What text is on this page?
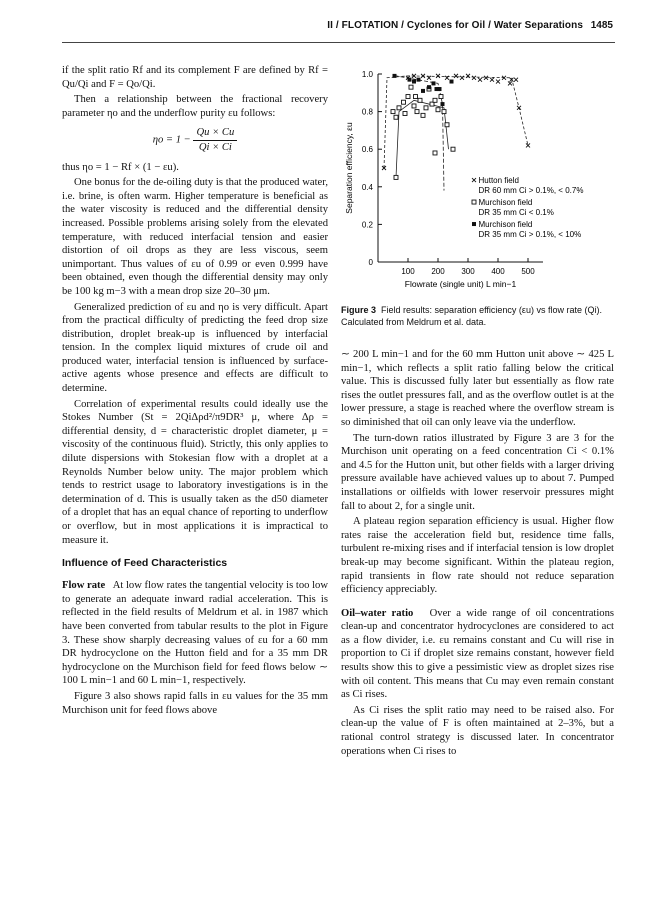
II / FLOTATION / Cyclones for Oil / Water Separations 1485

if the split ratio Rf and its complement F are defined by Rf = Qu/Qi and F = Qo/Qi.

Then a relationship between the fractional recovery parameter ηo and the underflow purity εu follows:

$\eta o = 1 - \frac{Qu \times Cu}{Qi \times Ci}$

thus ηo = 1 − Rf × (1 − εu).

One bonus for the de-oiling duty is that the produced water, i.e. brine, is often warm. Higher temperature is beneficial as the water viscosity is reduced and the differential density increased. Possible problems arising solely from the elevated temperature, with reduced interfacial tension and easier distortion of oil drops as they are less viscous, seem unimportant. Thus values of εu of 0.99 or even 0.999 have been obtained, even though the differential density may only be 100 kg m−3 with a mean drop size 20–30 μm.

Generalized prediction of εu and ηo is very difficult. Apart from the practical difficulty of predicting the feed drop size distribution, droplet break-up is influenced by interfacial tension. In the complex liquid mixtures of crude oil and produced water, interfacial tension is influenced by surface-active agents whose presence and effects are difficult to determine.

Correlation of experimental results could ideally use the Stokes Number (St = 2QiΔρd²/π9DR³ μ, where Δρ = differential density, d = characteristic droplet diameter, μ = viscosity of the continuous fluid). Strictly, this only applies to dilute dispersions with Stokesian flow with a droplet at a Reynolds Number below unity. The major problem which tends to restrict usage to laboratory investigations is in the determination of d. This is usually taken as the d50 diameter of a droplet that has an equal chance of reporting to underflow or overflow, but in most applications it is impractical to measure it.

Influence of Feed Characteristics

Flow rate At low flow rates the tangential velocity is too low to generate an adequate inward radial acceleration. This is reflected in the field results of Meldrum et al. in 1987 which have been converted from tabular results to the plot in Figure 3. These show sharply decreasing values of εu for a 60 mm DR hydrocyclone on the Hutton field and for a 35 mm DR hydrocyclone on the Murchison field for feed flows below ∼ 100 L min−1 and 60 L min−1, respectively.

Figure 3 also shows rapid falls in εu values for the 35 mm Murchison unit for feed flows above

0
0.2
0.4
0.6
0.8
1.0
100 200 300 400 500
Flowrate (single unit) L min−1
Separation efficiency, εu	Hutton field
DR 60 mm Ci > 0.1%, < 0.7%
Murchison field
DR 35 mm Ci < 0.1%
Murchison field
DR 35 mm Ci > 0.1%, < 10%
Figure 3 Field results: separation efficiency (εu) vs flow rate (Qi). Calculated from Meldrum et al. data.

∼ 200 L min−1 and for the 60 mm Hutton unit above ∼ 425 L min−1, which reflects a split ratio falling below the critical value. This is discussed fully later but essentially as flow rate rises the outlet pressures fall, and as the overflow outlet is at the lower pressure, a stage is reached where the overflow stream is so diminished that oil can only leave via the underflow.

The turn-down ratios illustrated by Figure 3 are 3 for the Murchison unit operating on a feed concentration Ci < 0.1% and 4.5 for the Hutton unit, but other fields with a larger driving pressure available have achieved values up to about 7. Pumped installations or oilfields with lower reservoir pressures might fall to about 2, for a single unit.

A plateau region separation efficiency is usual. Higher flow rates raise the acceleration field but, residence time falls, turbulent re-mixing rises and if interfacial tension is low droplet break-up may become significant. Within the plateau region, rapid transients in flow rate should not reduce separation efficiency appreciably.

Oil–water ratio Over a wide range of oil concentrations clean-up and concentrator hydrocyclones are considered to act as a flow divider, i.e. εu remains constant and Cu will rise in proportion to Ci if droplet size remains constant, however field results show this to give a pessimistic view as droplet sizes rise with oil content. This means that Cu may even remain constant as Ci rises.

As Ci rises the split ratio may need to be raised also. For clean-up the value of F is often maintained at 2–3%, but a rational control strategy is discussed later. In concentrator operations when Ci rises to
